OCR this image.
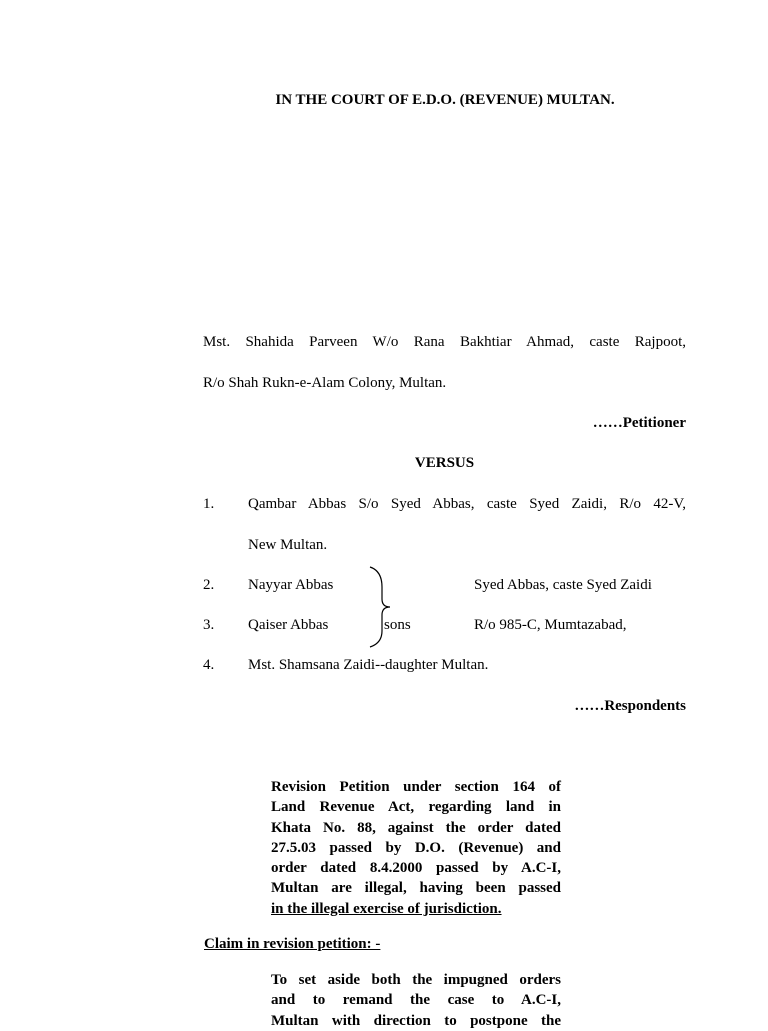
IN THE COURT OF E.D.O. (REVENUE) MULTAN.
Mst. Shahida Parveen W/o Rana Bakhtiar Ahmad, caste Rajpoot,
R/o Shah Rukn-e-Alam Colony, Multan.
……Petitioner
VERSUS
1. Qambar Abbas S/o Syed Abbas, caste Syed Zaidi, R/o 42-V,
New Multan.
2. Nayyar Abbas	Syed Abbas, caste Syed Zaidi
3. Qaiser Abbas	sons	R/o 985-C, Mumtazabad,
4. Mst. Shamsana Zaidi--daughter Multan.
……Respondents
Revision Petition under section 164 of
Land Revenue Act, regarding land in
Khata No. 88, against the order dated
27.5.03 passed by D.O. (Revenue) and
order dated 8.4.2000 passed by A.C-I,
Multan are illegal, having been passed
in the illegal exercise of jurisdiction.
Claim in revision petition: -
To set aside both the impugned orders
and to remand the case to A.C-I,
Multan with direction to postpone the
